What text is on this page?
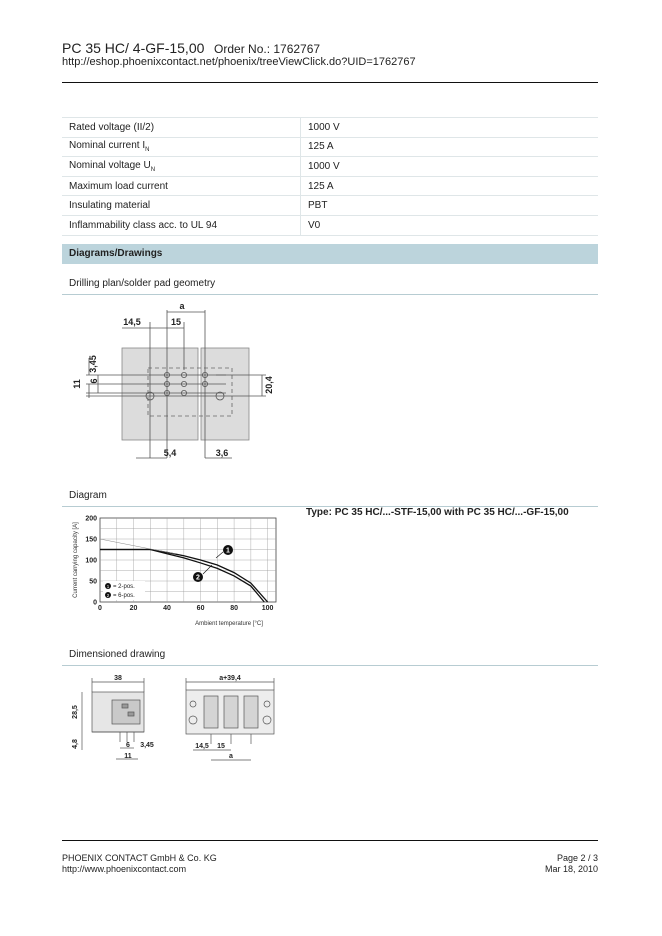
PC 35 HC/ 4-GF-15,00 Order No.: 1762767
http://eshop.phoenixcontact.net/phoenix/treeViewClick.do?UID=1762767
Rated voltage (II/2)	1000 V
Nominal current $I_N$	125 A
Nominal voltage $U_N$	1000 V
Maximum load current	125 A
Insulating material	PBT
Inflammability class acc. to UL 94	V0
Diagrams/Drawings
Drilling plan/solder pad geometry
a
14,5	15
3,45
6
11	20,4
5,4	3,6
Diagram
Type: PC 35 HC/...-STF-15,00 with PC 35 HC/...-GF-15,00
0	20	40	60	80	100
0
50
100
150
200
Current carrying capacity [A]
Ambient temperature [°C]
1
2
1 = 2-pos.
2 = 6-pos.
Dimensioned drawing
38
28,5
4,8	6 3,45
11
a+39,4
14,5 15
a
PHOENIX CONTACT GmbH & Co. KG
http://www.phoenixcontact.com
Page 2 / 3
Mar 18, 2010
